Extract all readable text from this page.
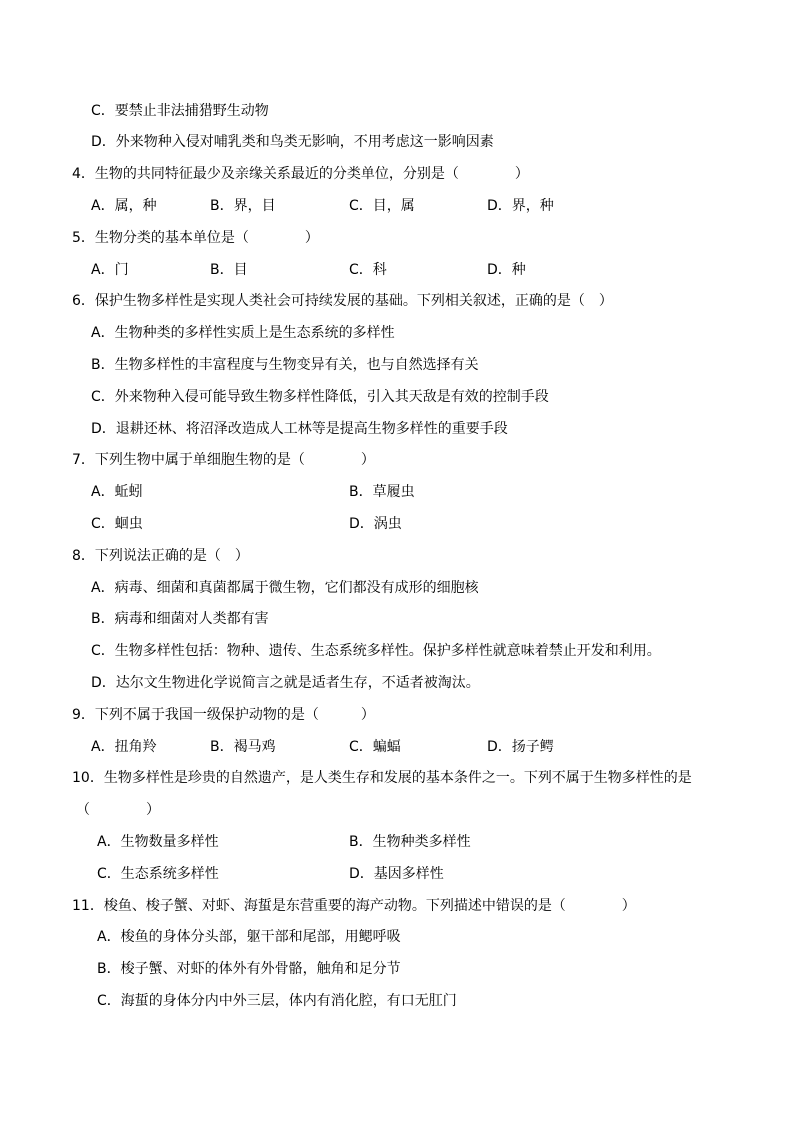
C．要禁止非法捕猎野生动物
D．外来物种入侵对哺乳类和鸟类无影响，不用考虑这一影响因素
4．生物的共同特征最少及亲缘关系最近的分类单位，分别是（　　　　）
A．属，种	B．界，目	C．目，属	D．界，种
5．生物分类的基本单位是（　　　　）
A．门	B．目	C．科	D．种
6．保护生物多样性是实现人类社会可持续发展的基础。下列相关叙述，正确的是（　）
A．生物种类的多样性实质上是生态系统的多样性
B．生物多样性的丰富程度与生物变异有关，也与自然选择有关
C．外来物种入侵可能导致生物多样性降低，引入其天敌是有效的控制手段
D．退耕还林、将沼泽改造成人工林等是提高生物多样性的重要手段
7．下列生物中属于单细胞生物的是（　　　　）
A．蚯蚓	B．草履虫
C．蛔虫	D．涡虫
8．下列说法正确的是（　）
A．病毒、细菌和真菌都属于微生物，它们都没有成形的细胞核
B．病毒和细菌对人类都有害
C．生物多样性包括：物种、遗传、生态系统多样性。保护多样性就意味着禁止开发和利用。
D．达尔文生物进化学说简言之就是适者生存，不适者被淘汰。
9．下列不属于我国一级保护动物的是（　　　）
A．扭角羚	B．褐马鸡	C．蝙蝠	D．扬子鳄
10．生物多样性是珍贵的自然遗产，是人类生存和发展的基本条件之一。下列不属于生物多样性的是
（　　　　）
A．生物数量多样性	B．生物种类多样性
C．生态系统多样性	D．基因多样性
11．梭鱼、梭子蟹、对虾、海蜇是东营重要的海产动物。下列描述中错误的是（　　　　）
A．梭鱼的身体分头部，躯干部和尾部，用鳃呼吸
B．梭子蟹、对虾的体外有外骨骼，触角和足分节
C．海蜇的身体分内中外三层，体内有消化腔，有口无肛门
